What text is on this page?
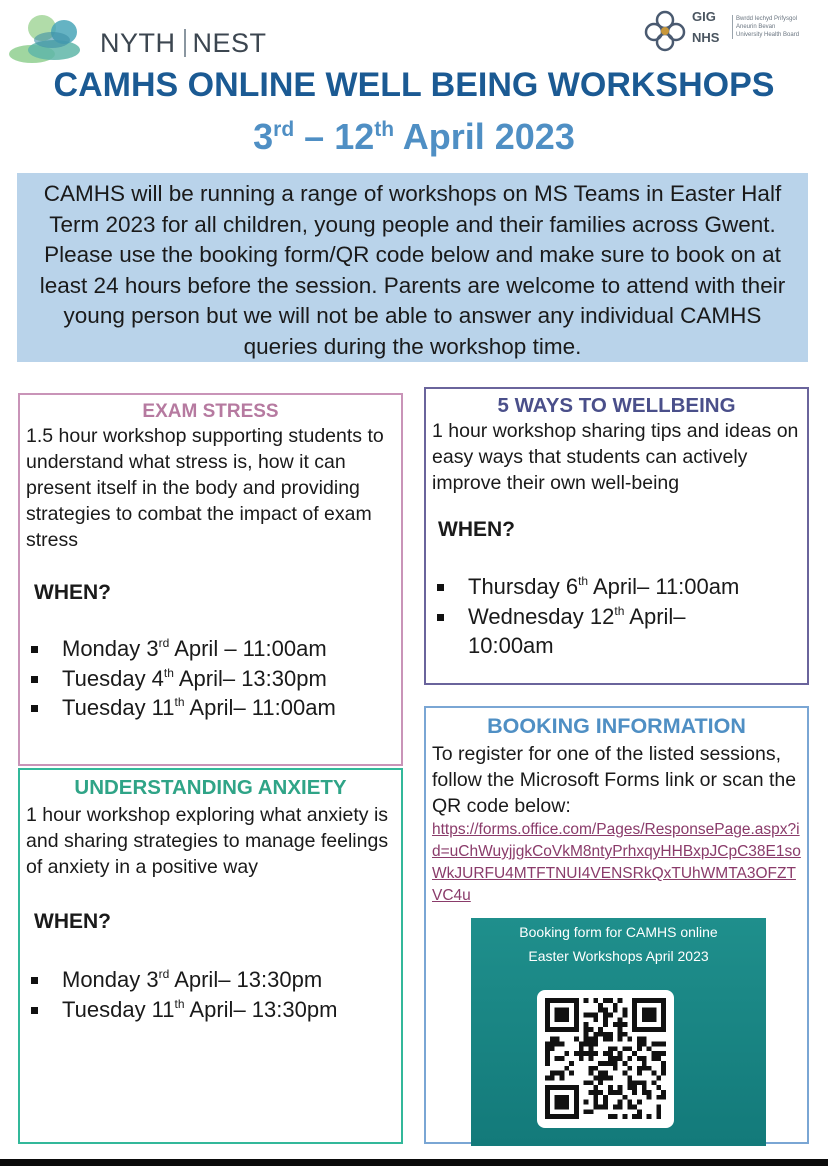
NYTH NEST
GIG
NHS
Bwrdd Iechyd Prifysgol
Aneurin Bevan
University Health Board
CAMHS ONLINE WELL BEING WORKSHOPS
3rd – 12th April 2023
CAMHS will be running a range of workshops on MS Teams in Easter Half Term 2023 for all children, young people and their families across Gwent. Please use the booking form/QR code below and make sure to book on at least 24 hours before the session. Parents are welcome to attend with their young person but we will not be able to answer any individual CAMHS queries during the workshop time.
EXAM STRESS
1.5 hour workshop supporting students to understand what stress is, how it can present itself in the body and providing strategies to combat the impact of exam stress
WHEN?
Monday 3rd April – 11:00am
Tuesday 4th April– 13:30pm
Tuesday 11th April– 11:00am
UNDERSTANDING ANXIETY
1 hour workshop exploring what anxiety is and sharing strategies to manage feelings of anxiety in a positive way
WHEN?
Monday 3rd April– 13:30pm
Tuesday 11th April– 13:30pm
5 WAYS TO WELLBEING
1 hour workshop sharing tips and ideas on easy ways that students can actively improve their own well-being
WHEN?
Thursday 6th April– 11:00am
Wednesday 12th April– 10:00am
BOOKING INFORMATION
To register for one of the listed sessions, follow the Microsoft Forms link or scan the QR code below:
https://forms.office.com/Pages/ResponsePage.aspx?id=uChWuyjjgkCoVkM8ntyPrhxqyHHBxpJCpC38E1soWkJURFU4MTFTNUI4VENSRkQxTUhWMTA3OFZTVC4u
Booking form for CAMHS online
Easter Workshops April 2023
